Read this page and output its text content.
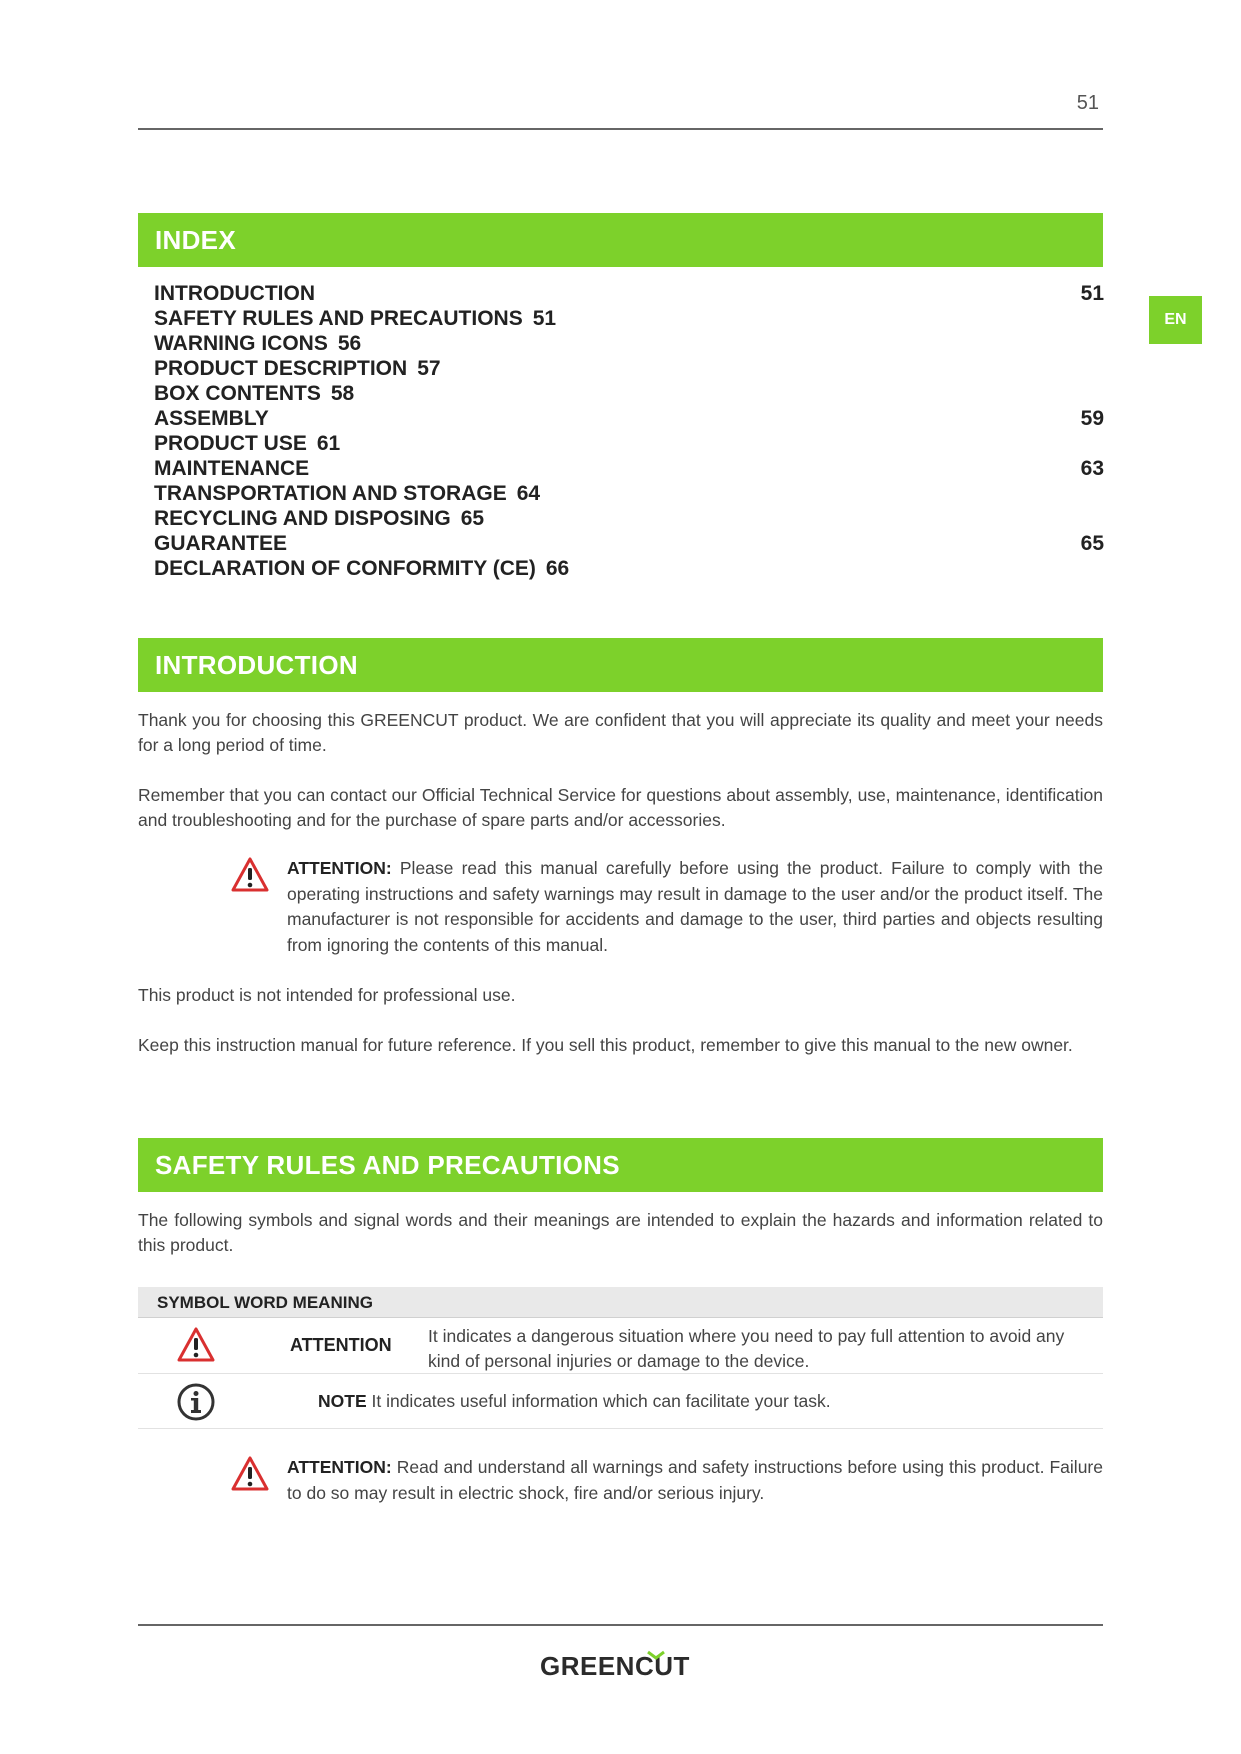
51
EN
INDEX
INTRODUCTION	51
SAFETY RULES AND PRECAUTIONS 51
WARNING ICONS 56
PRODUCT DESCRIPTION 57
BOX CONTENTS 58
ASSEMBLY	59
PRODUCT USE 61
MAINTENANCE	63
TRANSPORTATION AND STORAGE 64
RECYCLING AND DISPOSING 65
GUARANTEE	65
DECLARATION OF CONFORMITY (CE) 66
INTRODUCTION
Thank you for choosing this GREENCUT product. We are confident that you will appreciate its quality and meet your needs for a long period of time.
Remember that you can contact our Official Technical Service for questions about assembly, use, maintenance, identification and troubleshooting and for the purchase of spare parts and/or accessories.
ATTENTION: Please read this manual carefully before using the product. Failure to comply with the operating instructions and safety warnings may result in damage to the user and/or the product itself. The manufacturer is not responsible for accidents and damage to the user, third parties and objects resulting from ignoring the contents of this manual.
This product is not intended for professional use.
Keep this instruction manual for future reference. If you sell this product, remember to give this manual to the new owner.
SAFETY RULES AND PRECAUTIONS
The following symbols and signal words and their meanings are intended to explain the hazards and information related to this product.
SYMBOL WORD MEANING
ATTENTION	It indicates a dangerous situation where you need to pay full attention to avoid any kind of personal injuries or damage to the device.
NOTE It indicates useful information which can facilitate your task.
ATTENTION: Read and understand all warnings and safety instructions before using this product. Failure to do so may result in electric shock, fire and/or serious injury.
GREENCUT
